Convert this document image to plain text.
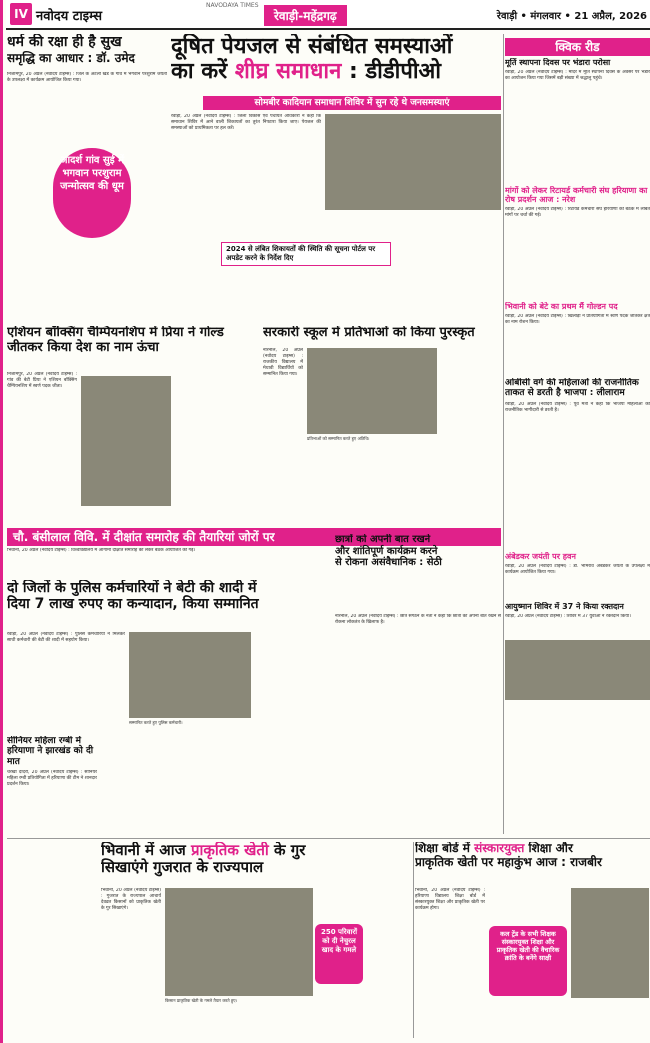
IV नवोदय टाइम्स
NAVODAYA TIMES
रेवाड़ी-महेंद्रगढ़	रेवाड़ी • मंगलवार • 21 अप्रैल, 2026
धर्म की रक्षा ही है सुख
समृद्धि का आधार : डॉ. उमेद
निजामपुर, 20 अप्रैल (नवोदय टाइम्स) : जिले के अटेली खंड के गांव में भगवान परशुराम जयंती के उपलक्ष्य में कार्यक्रम आयोजित किया गया।
आदर्श गांव सुई में भगवान परशुराम जन्मोत्सव की धूम
दूषित पेयजल से संबंधित समस्याओं
का करें शीघ्र समाधान : डीडीपीओ
सोमबीर कादियान समाधान शिविर में सुन रहे थे जनसमस्याएं
रेवाड़ी, 20 अप्रैल (नवोदय टाइम्स) : जिला विकास एवं पंचायत अधिकारी ने कहा कि समाधान शिविर में आने वाली शिकायतों का तुरंत निपटारा किया जाए। पेयजल की समस्याओं को प्राथमिकता पर हल करें।
2024 से लंबित शिकायतों की स्थिति की सूचना पोर्टल पर अपडेट करने के निर्देश दिए
क्विक रीड
मूर्ति स्थापना दिवस पर भंडारा परोसा
रेवाड़ी, 20 अप्रैल (नवोदय टाइम्स) : मंदिर में मूर्ति स्थापना दिवस के अवसर पर भंडारे का आयोजन किया गया जिसमें बड़ी संख्या में श्रद्धालु पहुंचे।
मांगों को लेकर रिटायर्ड कर्मचारी संघ हरियाणा का रोष प्रदर्शन आज : नरेश
रेवाड़ी, 20 अप्रैल (नवोदय टाइम्स) : रिटायर्ड कर्मचारी संघ हरियाणा की बैठक में लंबित मांगों पर चर्चा की गई।
भिवानी को बेटे का प्रथम मैं गोल्डन पद
रेवाड़ी, 20 अप्रैल (नवोदय टाइम्स) : खिलाड़ी ने प्रतियोगिता में स्वर्ण पदक जीतकर क्षेत्र का नाम रोशन किया।
ओबीसी वर्ग की महिलाओं की राजनीतिक ताकत से डरती है भाजपा : लीलाराम
रेवाड़ी, 20 अप्रैल (नवोदय टाइम्स) : पूर्व मंत्री ने कहा कि भाजपा महिलाओं की राजनीतिक भागीदारी से डरती है।
अंबेडकर जयंती पर हवन
रेवाड़ी, 20 अप्रैल (नवोदय टाइम्स) : डॉ. भीमराव अंबेडकर जयंती के उपलक्ष्य में कार्यक्रम आयोजित किया गया।
आयुष्मान शिविर में 37 ने किया रक्तदान
रेवाड़ी, 20 अप्रैल (नवोदय टाइम्स) : शिविर में 37 युवाओं ने रक्तदान किया।
एशियन बॉक्सिंग चैम्पियनशिप में प्रिया ने गोल्ड जीतकर किया देश का नाम ऊंचा
निजामपुर, 20 अप्रैल (नवोदय टाइम्स) : गांव की बेटी प्रिया ने एशियन बॉक्सिंग चैम्पियनशिप में स्वर्ण पदक जीता।
सरकारी स्कूल में प्रतिभाओं को किया पुरस्कृत
प्रतिभाओं को सम्मानित करते हुए अतिथि।
नारनौल, 20 अप्रैल (नवोदय टाइम्स) : राजकीय विद्यालय में मेधावी विद्यार्थियों को सम्मानित किया गया।
चौ. बंसीलाल विवि. में दीक्षांत समारोह की तैयारियां जोरों पर
भिवानी, 20 अप्रैल (नवोदय टाइम्स) : विश्वविद्यालय में आगामी दीक्षांत समारोह को लेकर बैठक आयोजित की गई।
छात्रों को अपनी बात रखने
और शांतिपूर्ण कार्यक्रम करने
से रोकना असंवैधानिक : सेठी
नारनौल, 20 अप्रैल (नवोदय टाइम्स) : छात्र संगठन के नेता ने कहा कि छात्रों को अपनी बात रखने से रोकना लोकतंत्र के खिलाफ है।
दो जिलों के पुलिस कर्मचारियों ने बेटी की शादी में
दिया 7 लाख रुपए का कन्यादान, किया सम्मानित
रेवाड़ी, 20 अप्रैल (नवोदय टाइम्स) : पुलिस कर्मचारियों ने मिलकर साथी कर्मचारी की बेटी की शादी में सहयोग किया।
सम्मानित करते हुए पुलिस कर्मचारी।
सीनियर महिला रग्बी में हरियाणा ने झारखंड को दी मात
चरखी दादरी, 20 अप्रैल (नवोदय टाइम्स) : सीनियर महिला रग्बी प्रतियोगिता में हरियाणा की टीम ने शानदार प्रदर्शन किया।
भिवानी में आज प्राकृतिक खेती के गुर
सिखाएंगे गुजरात के राज्यपाल
भिवानी, 20 अप्रैल (नवोदय टाइम्स) : गुजरात के राज्यपाल आचार्य देवव्रत किसानों को प्राकृतिक खेती के गुर सिखाएंगे।
किसान प्राकृतिक खेती के गमले तैयार करते हुए।
250 परिवारों को दी नेचुरल खाद के गमले
शिक्षा बोर्ड में संस्कारयुक्त शिक्षा और
प्राकृतिक खेती पर महाकुंभ आज : राजबीर
भिवानी, 20 अप्रैल (नवोदय टाइम्स) : हरियाणा विद्यालय शिक्षा बोर्ड में संस्कारयुक्त शिक्षा और प्राकृतिक खेती पर कार्यक्रम होगा।
कल ट्रेंड के सभी शिक्षक संस्कारयुक्त शिक्षा और प्राकृतिक खेती की वैचारिक क्रांति के बनेंगे साक्षी
